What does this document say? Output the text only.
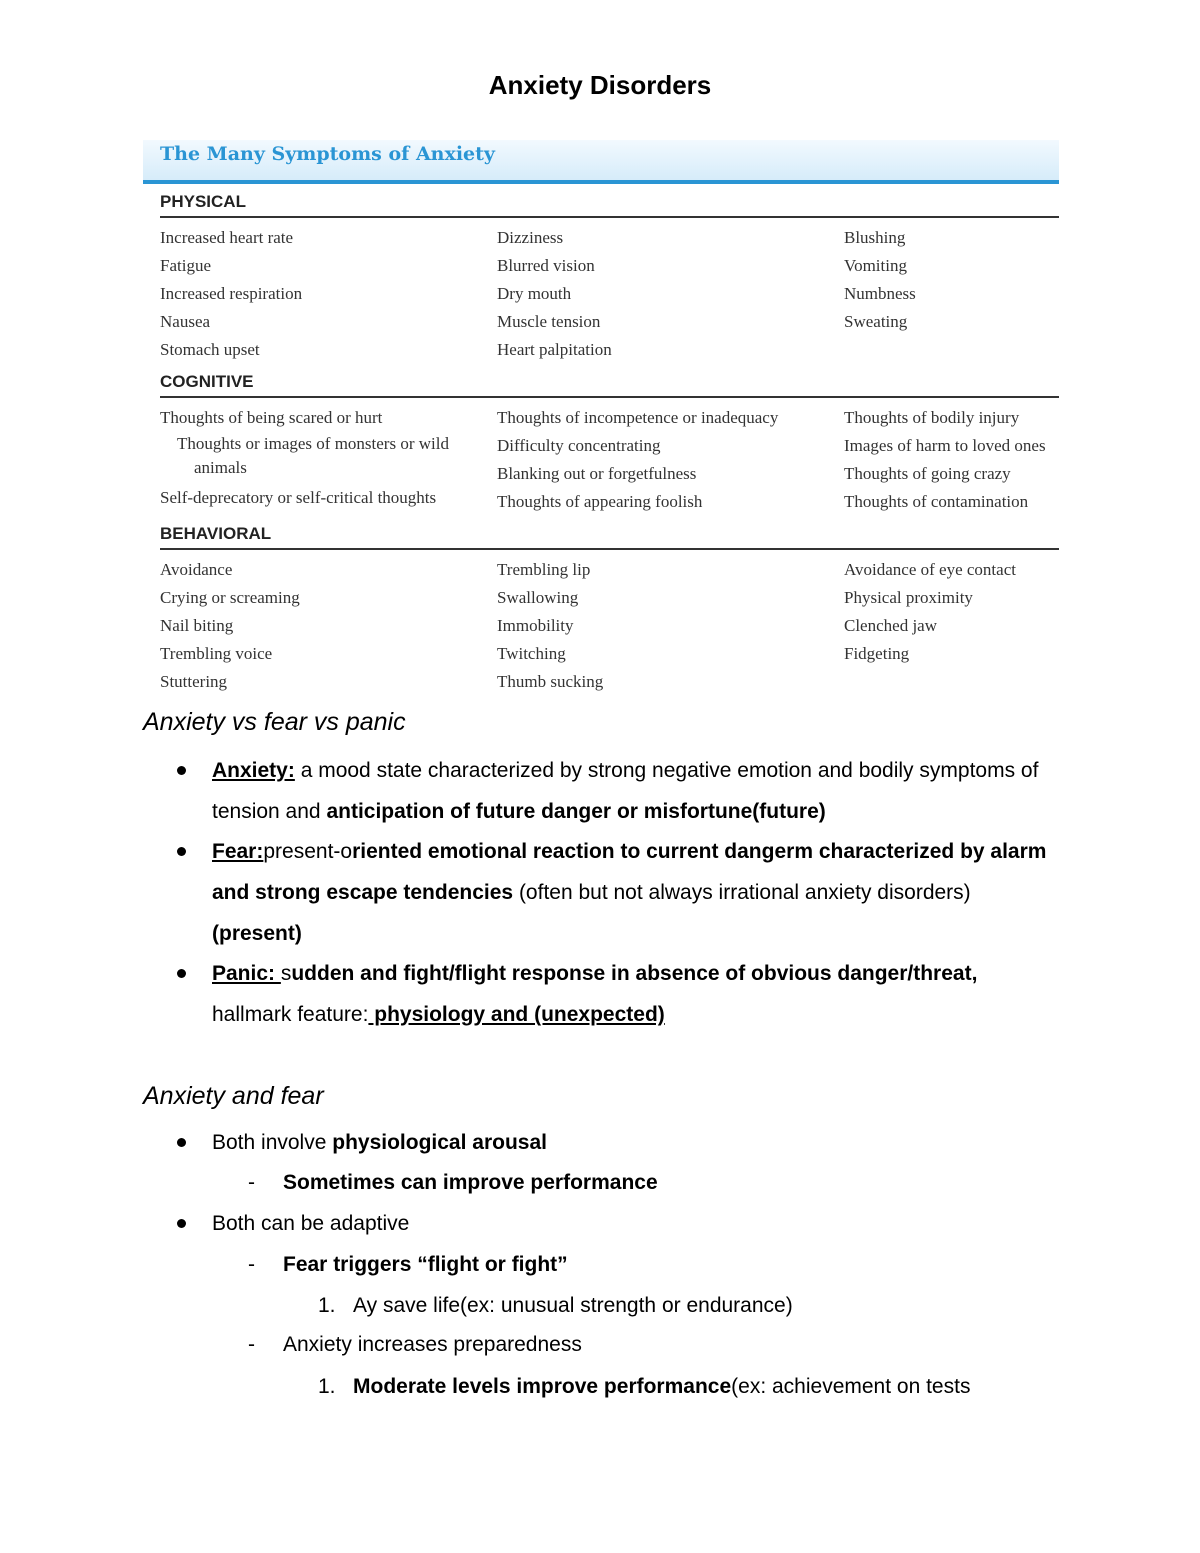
Anxiety Disorders
The Many Symptoms of Anxiety
PHYSICAL
Increased heart rate
Fatigue
Increased respiration
Nausea
Stomach upset
Dizziness
Blurred vision
Dry mouth
Muscle tension
Heart palpitation
Blushing
Vomiting
Numbness
Sweating
COGNITIVE
Thoughts of being scared or hurt
Thoughts or images of monsters or wild animals
Self-deprecatory or self-critical thoughts
Thoughts of incompetence or inadequacy
Difficulty concentrating
Blanking out or forgetfulness
Thoughts of appearing foolish
Thoughts of bodily injury
Images of harm to loved ones
Thoughts of going crazy
Thoughts of contamination
BEHAVIORAL
Avoidance
Crying or screaming
Nail biting
Trembling voice
Stuttering
Trembling lip
Swallowing
Immobility
Twitching
Thumb sucking
Avoidance of eye contact
Physical proximity
Clenched jaw
Fidgeting
Anxiety vs fear vs panic
Anxiety: a mood state characterized by strong negative emotion and bodily symptoms of tension and anticipation of future danger or misfortune(future)
Fear:present-oriented emotional reaction to current dangerm characterized by alarm and strong escape tendencies (often but not always irrational anxiety disorders)(present)
Panic: sudden and fight/flight response in absence of obvious danger/threat, hallmark feature: physiology and (unexpected)
Anxiety and fear
Both involve physiological arousal
- Sometimes can improve performance
Both can be adaptive
- Fear triggers “flight or fight”
1. Ay save life(ex: unusual strength or endurance)
- Anxiety increases preparedness
1. Moderate levels improve performance(ex: achievement on tests
